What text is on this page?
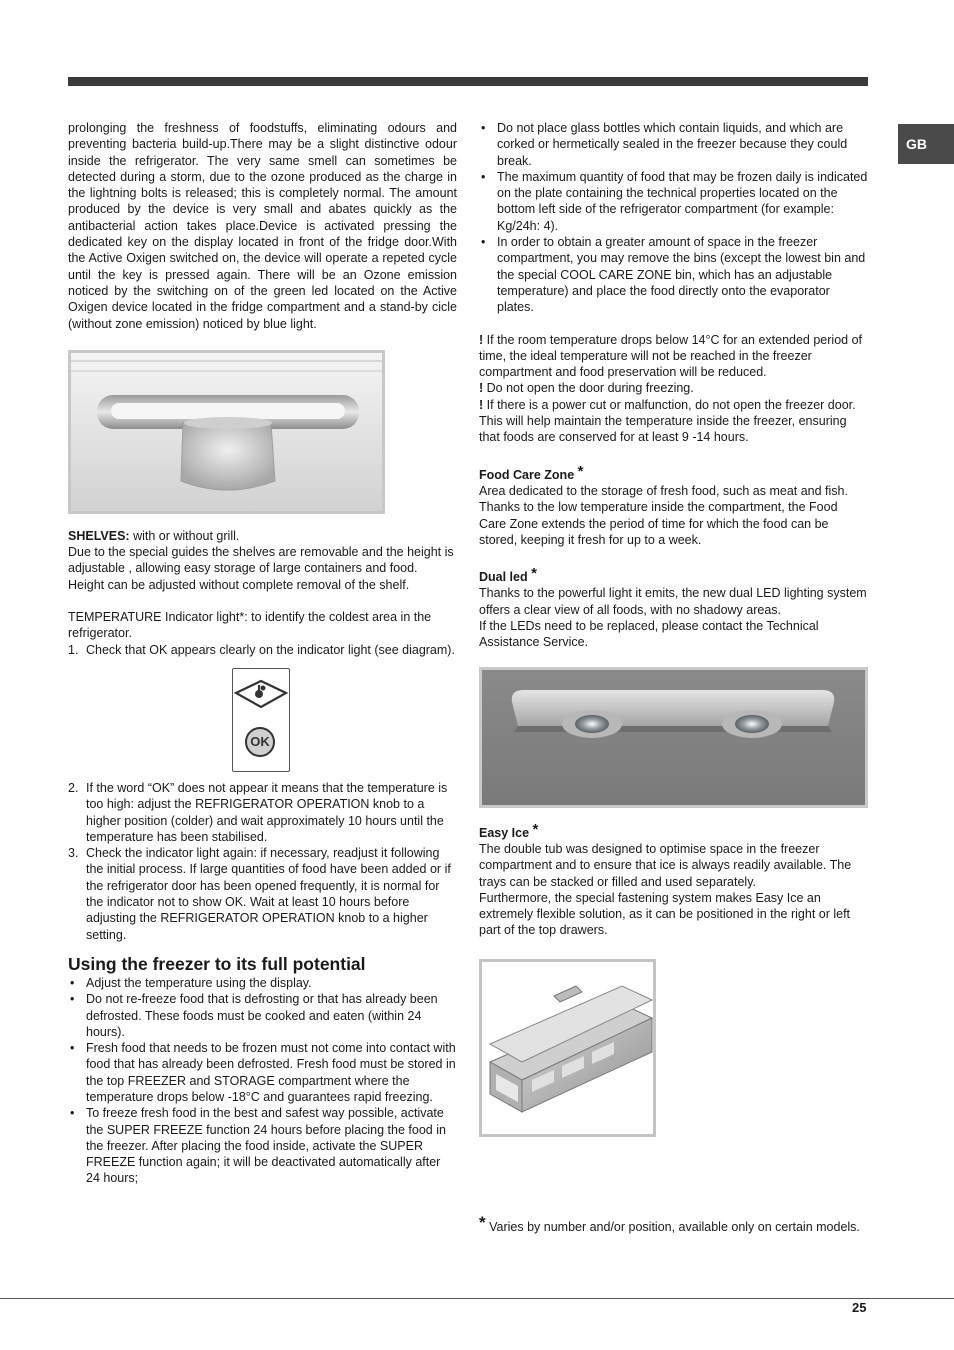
GB

prolonging the freshness of foodstuffs, eliminating odours and preventing bacteria build-up.There may be a slight distinctive odour inside the refrigerator. The very same smell can sometimes be detected during a storm, due to the ozone produced as the charge in the lightning bolts is released; this is completely normal. The amount produced by the device is very small and abates quickly as the antibacterial action takes place.Device is activated pressing the dedicated key on the display located in front of the fridge door.With the Active Oxigen switched on, the device will operate a repeted cycle until the key is pressed again. There will be an Ozone emission noticed by the switching on of the green led located on the Active Oxigen device located in the fridge compartment and a stand-by cicle (without zone emission) noticed by blue light.

SHELVES: with or without grill.

Due to the special guides the shelves are removable and the height is adjustable , allowing easy storage of large containers and food. Height can be adjusted without complete removal of the shelf.

TEMPERATURE Indicator light*: to identify the coldest area in the refrigerator.

1. Check that OK appears clearly on the indicator light (see diagram).
OK
2. If the word “OK” does not appear it means that the temperature is too high: adjust the REFRIGERATOR OPERATION knob to a higher position (colder) and wait approximately 10 hours until the temperature has been stabilised.
3. Check the indicator light again: if necessary, readjust it following the initial process. If large quantities of food have been added or if the refrigerator door has been opened frequently, it is normal for the indicator not to show OK. Wait at least 10 hours before adjusting the REFRIGERATOR OPERATION knob to a higher setting.
Using the freezer to its full potential
• Adjust the temperature using the display.
• Do not re-freeze food that is defrosting or that has already been defrosted. These foods must be cooked and eaten (within 24 hours).
• Fresh food that needs to be frozen must not come into contact with food that has already been defrosted. Fresh food must be stored in the top FREEZER and STORAGE compartment where the temperature drops below -18°C and guarantees rapid freezing.
• To freeze fresh food in the best and safest way possible, activate the SUPER FREEZE function 24 hours before placing the food in the freezer. After placing the food inside, activate the SUPER FREEZE function again; it will be deactivated automatically after 24 hours;
• Do not place glass bottles which contain liquids, and which are corked or hermetically sealed in the freezer because they could break.
• The maximum quantity of food that may be frozen daily is indicated on the plate containing the technical properties located on the bottom left side of the refrigerator compartment (for example: Kg/24h: 4).
• In order to obtain a greater amount of space in the freezer compartment, you may remove the bins (except the lowest bin and the special COOL CARE ZONE bin, which has an adjustable temperature) and place the food directly onto the evaporator plates.

! If the room temperature drops below 14°C for an extended period of time, the ideal temperature will not be reached in the freezer compartment and food preservation will be reduced.

! Do not open the door during freezing.

! If there is a power cut or malfunction, do not open the freezer door. This will help maintain the temperature inside the freezer, ensuring that foods are conserved for at least 9 -14 hours.

Food Care Zone *

Area dedicated to the storage of fresh food, such as meat and fish. Thanks to the low temperature inside the compartment, the Food Care Zone extends the period of time for which the food can be stored, keeping it fresh for up to a week.

Dual led *

Thanks to the powerful light it emits, the new dual LED lighting system offers a clear view of all foods, with no shadowy areas.

If the LEDs need to be replaced, please contact the Technical Assistance Service.

Easy Ice *

The double tub was designed to optimise space in the freezer compartment and to ensure that ice is always readily available. The trays can be stacked or filled and used separately.

Furthermore, the special fastening system makes Easy Ice an extremely flexible solution, as it can be positioned in the right or left part of the top drawers.

* Varies by number and/or position, available only on certain models.

25
